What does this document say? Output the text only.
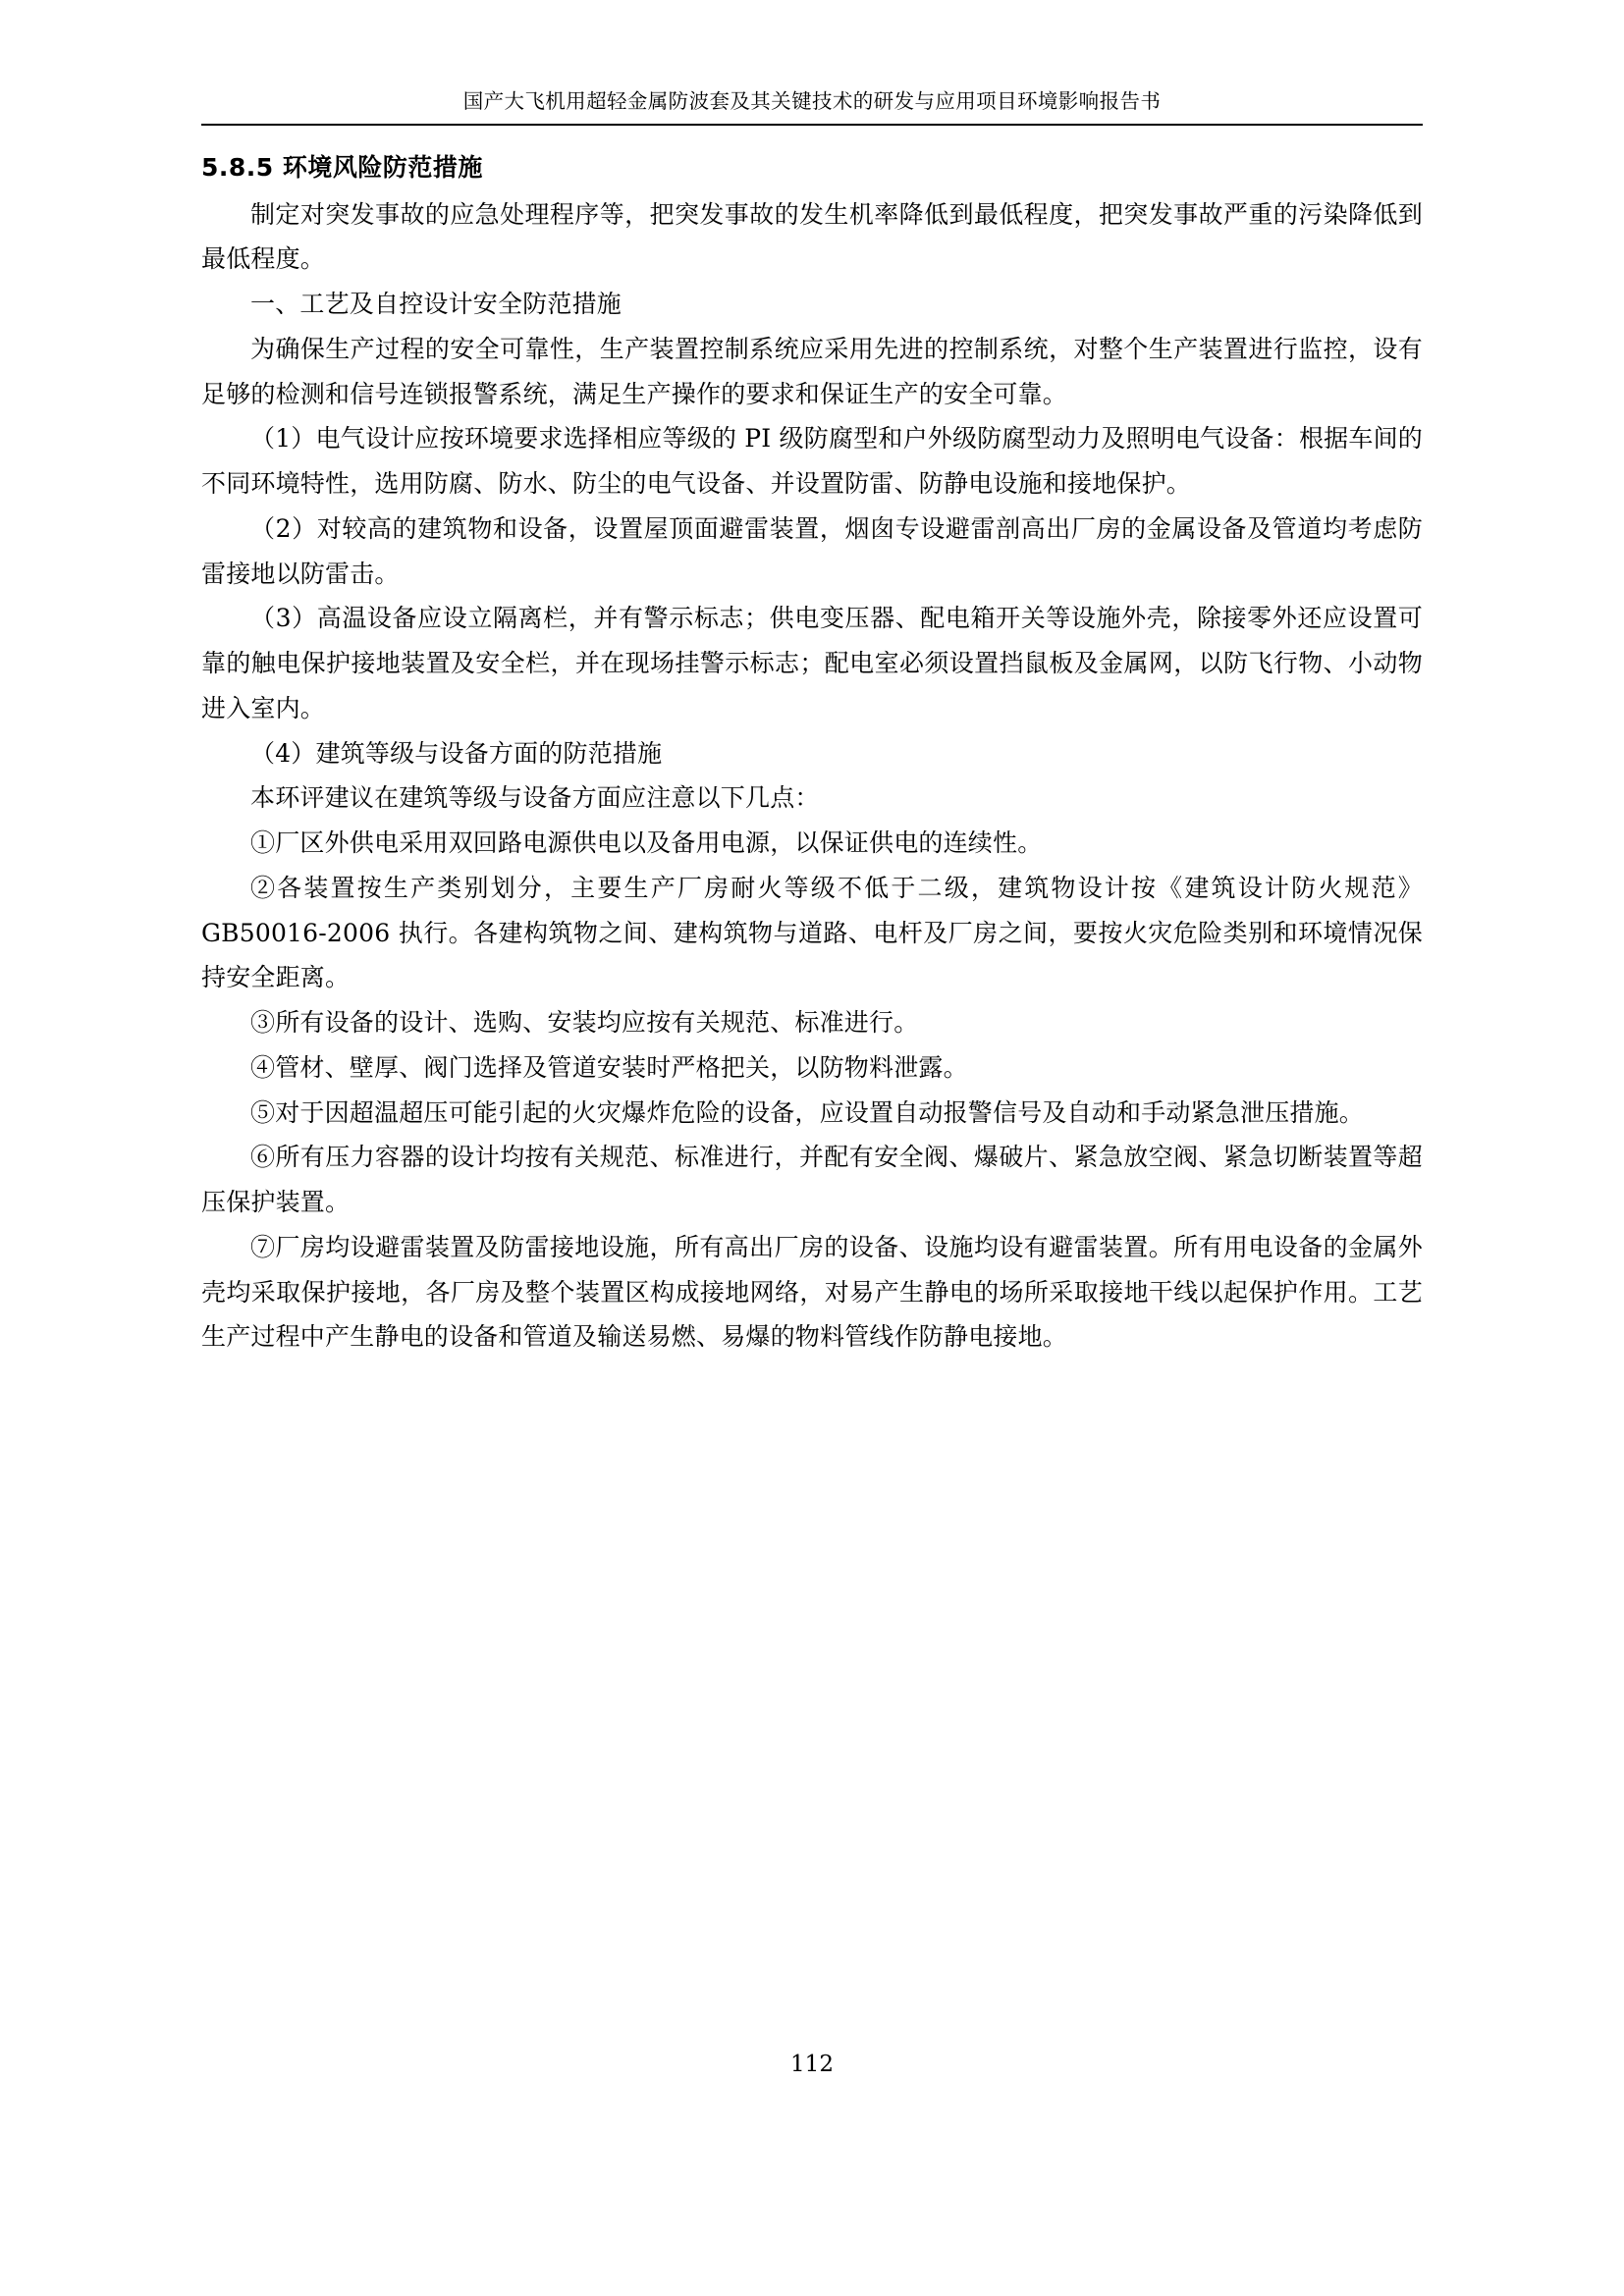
国产大飞机用超轻金属防波套及其关键技术的研发与应用项目环境影响报告书
5.8.5 环境风险防范措施

制定对突发事故的应急处理程序等，把突发事故的发生机率降低到最低程度，把突发事故严重的污染降低到最低程度。

一、工艺及自控设计安全防范措施

为确保生产过程的安全可靠性，生产装置控制系统应采用先进的控制系统，对整个生产装置进行监控，设有足够的检测和信号连锁报警系统，满足生产操作的要求和保证生产的安全可靠。

（1）电气设计应按环境要求选择相应等级的 PI 级防腐型和户外级防腐型动力及照明电气设备：根据车间的不同环境特性，选用防腐、防水、防尘的电气设备、并设置防雷、防静电设施和接地保护。

（2）对较高的建筑物和设备，设置屋顶面避雷装置，烟囱专设避雷剖高出厂房的金属设备及管道均考虑防雷接地以防雷击。

（3）高温设备应设立隔离栏，并有警示标志；供电变压器、配电箱开关等设施外壳，除接零外还应设置可靠的触电保护接地装置及安全栏，并在现场挂警示标志；配电室必须设置挡鼠板及金属网，以防飞行物、小动物进入室内。

（4）建筑等级与设备方面的防范措施

本环评建议在建筑等级与设备方面应注意以下几点：

①厂区外供电采用双回路电源供电以及备用电源，以保证供电的连续性。

②各装置按生产类别划分，主要生产厂房耐火等级不低于二级，建筑物设计按《建筑设计防火规范》GB50016-2006 执行。各建构筑物之间、建构筑物与道路、电杆及厂房之间，要按火灾危险类别和环境情况保持安全距离。

③所有设备的设计、选购、安装均应按有关规范、标准进行。

④管材、壁厚、阀门选择及管道安装时严格把关，以防物料泄露。

⑤对于因超温超压可能引起的火灾爆炸危险的设备，应设置自动报警信号及自动和手动紧急泄压措施。

⑥所有压力容器的设计均按有关规范、标准进行，并配有安全阀、爆破片、紧急放空阀、紧急切断装置等超压保护装置。

⑦厂房均设避雷装置及防雷接地设施，所有高出厂房的设备、设施均设有避雷装置。所有用电设备的金属外壳均采取保护接地，各厂房及整个装置区构成接地网络，对易产生静电的场所采取接地干线以起保护作用。工艺生产过程中产生静电的设备和管道及输送易燃、易爆的物料管线作防静电接地。

112
